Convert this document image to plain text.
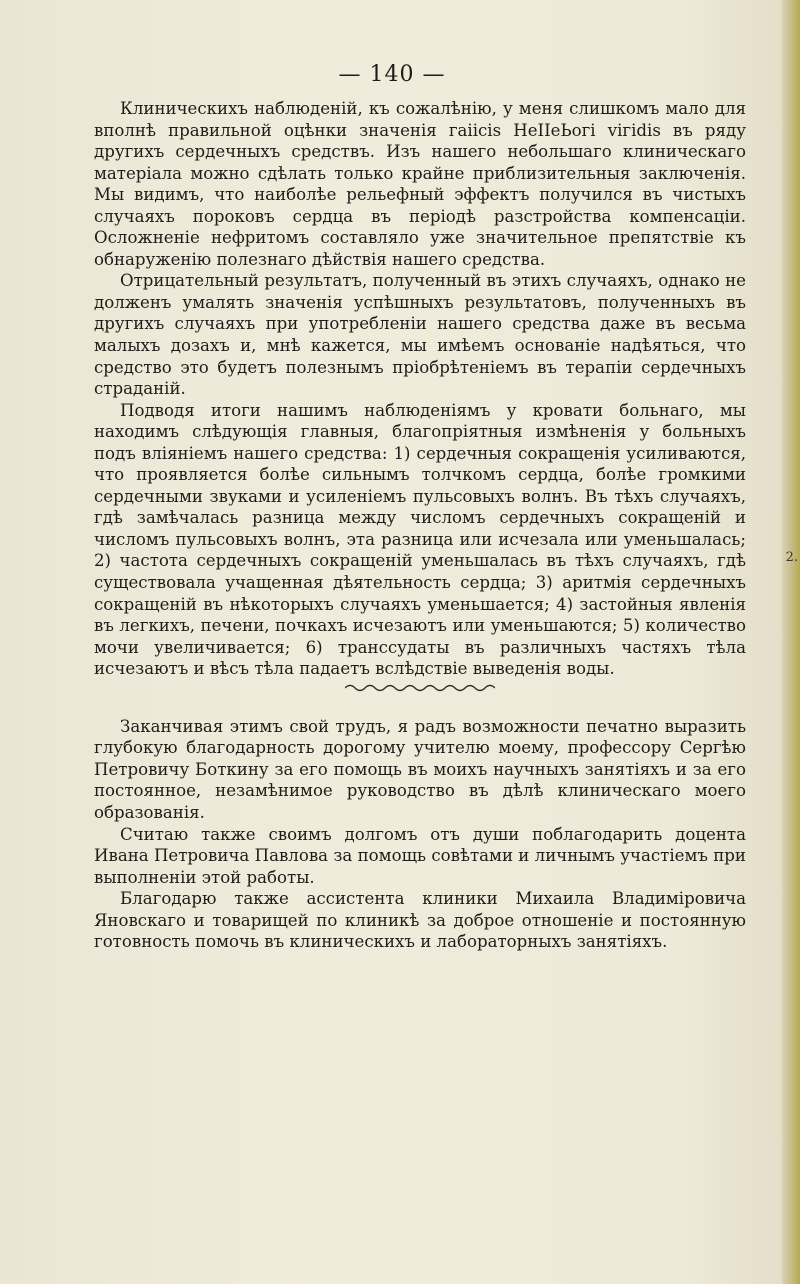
— 140 —

Клиническихъ наблюденій, къ сожалѣнію, у меня слишкомъ мало для вполнѣ правильной оцѣнки значенія гаіісіs НеІІеЬогі vігіdіs въ ряду другихъ сердечныхъ средствъ. Изъ нашего небольшаго клиническаго матеріала можно сдѣлать только крайне приблизительныя заключенія. Мы видимъ, что наиболѣе рельефный эффектъ получился въ чистыхъ случаяхъ пороковъ сердца въ періодѣ разстройства компенсаціи. Осложненіе нефритомъ составляло уже значительное препятствіе къ обнаруженію полезнаго дѣйствія нашего средства.

Отрицательный результатъ, полученный въ этихъ случаяхъ, однако не долженъ умалять значенія успѣшныхъ результатовъ, полученныхъ въ другихъ случаяхъ при употребленіи нашего средства даже въ весьма малыхъ дозахъ и, мнѣ кажется, мы имѣемъ основаніе надѣяться, что средство это будетъ полезнымъ пріобрѣтеніемъ въ терапіи сердечныхъ страданій.

Подводя итоги нашимъ наблюденіямъ у кровати больнаго, мы находимъ слѣдующія главныя, благопріятныя измѣненія у больныхъ подъ вліяніемъ нашего средства: 1) сердечныя сокращенія усиливаются, что проявляется болѣе сильнымъ толчкомъ сердца, болѣе громкими сердечными звуками и усиленіемъ пульсовыхъ волнъ. Въ тѣхъ случаяхъ, гдѣ замѣчалась разница между числомъ сердечныхъ сокращеній и числомъ пульсовыхъ волнъ, эта разница или исчезала или уменьшалась; 2) частота сердечныхъ сокращеній уменьшалась въ тѣхъ случаяхъ, гдѣ существовала учащенная дѣятельность сердца; 3) аритмія сердечныхъ сокращеній въ нѣкоторыхъ случаяхъ уменьшается; 4) застойныя явленія въ легкихъ, печени, почкахъ исчезаютъ или уменьшаются; 5) количество мочи увеличивается; 6) транссудаты въ различныхъ частяхъ тѣла исчезаютъ и вѣсъ тѣла падаетъ вслѣдствіе выведенія воды.

Заканчивая этимъ свой трудъ, я радъ возможности печатно выразить глубокую благодарность дорогому учителю моему, профессору Сергѣю Петровичу Боткину за его помощь въ моихъ научныхъ занятіяхъ и за его постоянное, незамѣнимое руководство въ дѣлѣ клиническаго моего образованія.

Считаю также своимъ долгомъ отъ души поблагодарить доцента Ивана Петровича Павлова за помощь совѣтами и личнымъ участіемъ при выполненіи этой работы.

Благодарю также ассистента клиники Михаила Владиміровича Яновскаго и товарищей по клиникѣ за доброе отношеніе и постоянную готовность помочь въ клиническихъ и лабораторныхъ занятіяхъ.

2.
